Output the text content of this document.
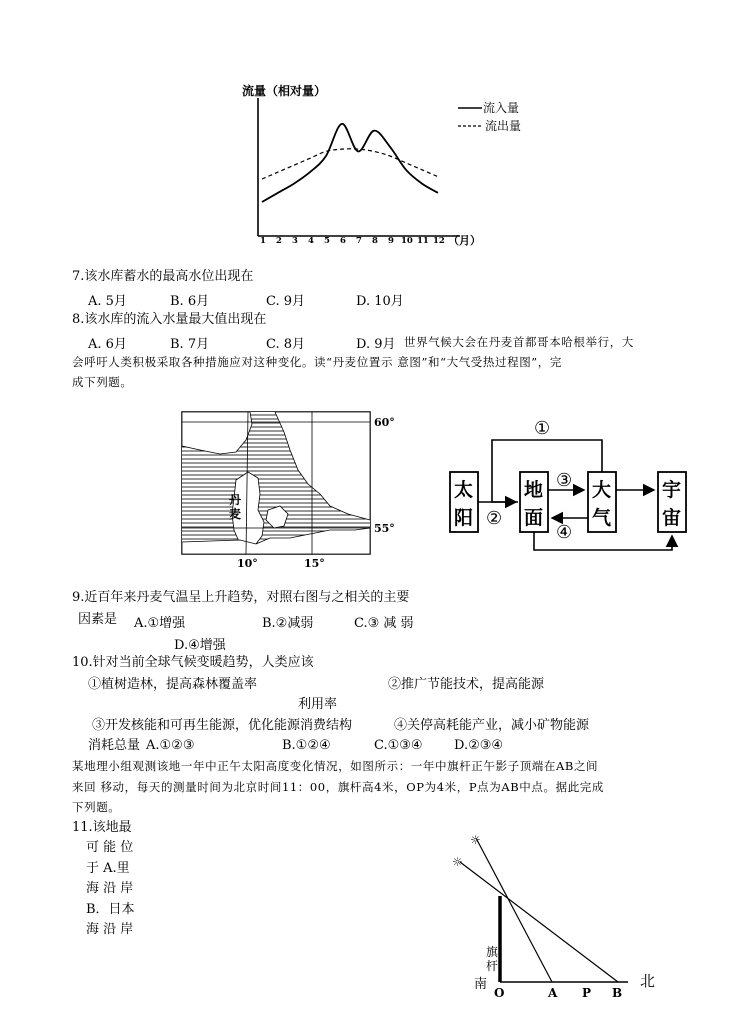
流量（相对量）
1 2 3 4 5 6 7 8 9 10 11 12 （月）
流入量
流出量
7.该水库蓄水的最高水位出现在
A. 5月	B. 6月	C. 9月	D. 10月
8.该水库的流入水量最大值出现在
A. 6月	B. 7月	C. 8月	D. 9月 世界气候大会在丹麦首都哥本哈根举行，大
会呼吁人类积极采取各种措施应对这种变化。读“丹麦位置示 意图”和“大气受热过程图”，完
成下列题。
丹
麦
60°
55°
10°	15°
太
阳
地
面
大
气
宇
宙
①
②
③
④
9.近百年来丹麦气温呈上升趋势，对照右图与之相关的主要
因素是 A.①增强	B.②减弱	C.③ 减 弱
D.④增强
10.针对当前全球气候变暖趋势，人类应该
①植树造林，提高森林覆盖率	②推广节能技术，提高能源
利用率
③开发核能和可再生能源，优化能源消费结构	④关停高耗能产业，减小矿物能源
消耗总量 A.①②③	B.①②④	C.①③④ D.②③④
某地理小组观测该地一年中正午太阳高度变化情况，如图所示：一年中旗杆正午影子顶端在AB之间
来回 移动，每天的测量时间为北京时间11：00，旗杆高4米，OP为4米，P点为AB中点。据此完成
下列题。
11.该地最
可 能 位
于 A.里
海 沿 岸
B．日本
海 沿 岸
☼
☼
旗
杆
南	北
O	A P B
